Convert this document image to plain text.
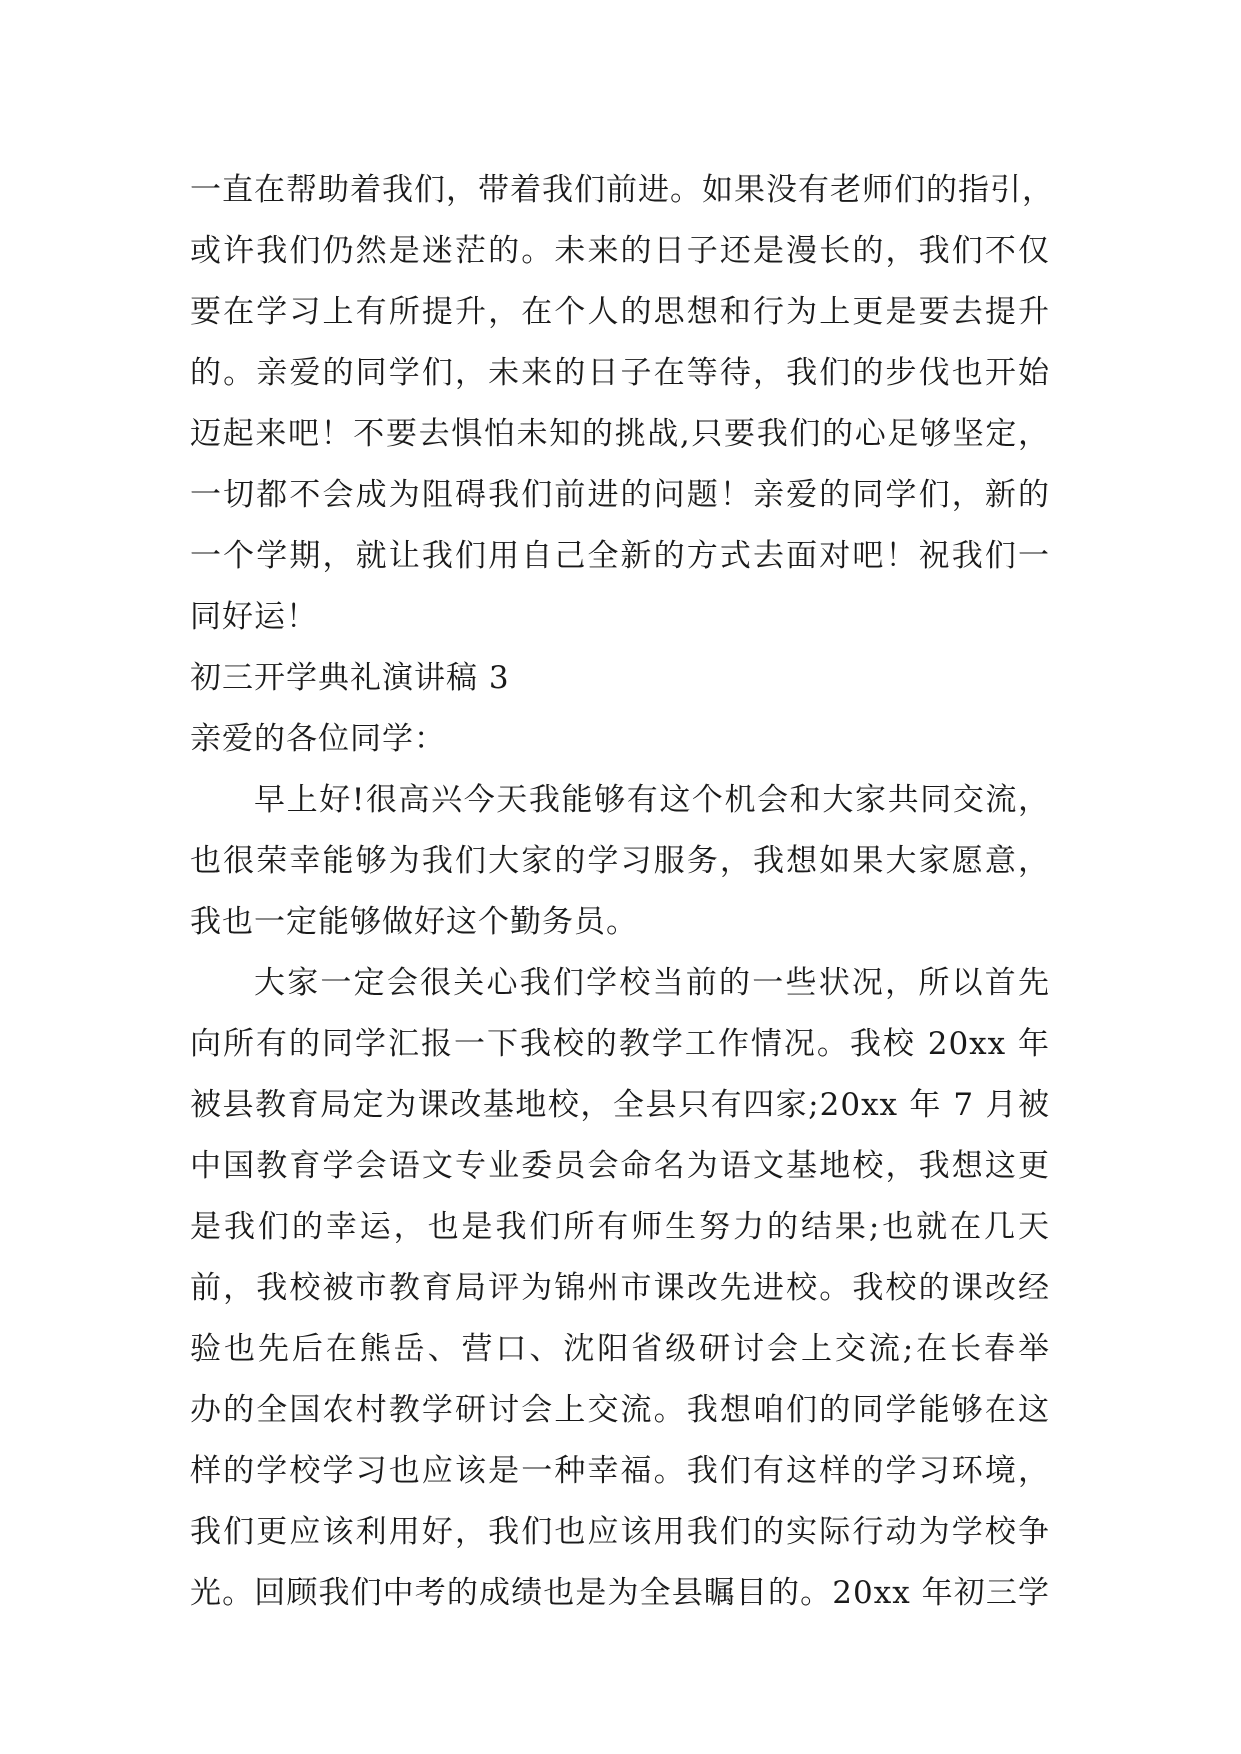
一直在帮助着我们，带着我们前进。如果没有老师们的指引，
或许我们仍然是迷茫的。未来的日子还是漫长的，我们不仅
要在学习上有所提升，在个人的思想和行为上更是要去提升
的。亲爱的同学们，未来的日子在等待，我们的步伐也开始
迈起来吧！不要去惧怕未知的挑战,只要我们的心足够坚定，
一切都不会成为阻碍我们前进的问题！亲爱的同学们，新的
一个学期，就让我们用自己全新的方式去面对吧！祝我们一
同好运！
初三开学典礼演讲稿 3
亲爱的各位同学：
早上好!很高兴今天我能够有这个机会和大家共同交流，
也很荣幸能够为我们大家的学习服务，我想如果大家愿意，
我也一定能够做好这个勤务员。
大家一定会很关心我们学校当前的一些状况，所以首先
向所有的同学汇报一下我校的教学工作情况。我校 20xx 年
被县教育局定为课改基地校，全县只有四家;20xx 年 7 月被
中国教育学会语文专业委员会命名为语文基地校，我想这更
是我们的幸运，也是我们所有师生努力的结果;也就在几天
前，我校被市教育局评为锦州市课改先进校。我校的课改经
验也先后在熊岳、营口、沈阳省级研讨会上交流;在长春举
办的全国农村教学研讨会上交流。我想咱们的同学能够在这
样的学校学习也应该是一种幸福。我们有这样的学习环境，
我们更应该利用好，我们也应该用我们的实际行动为学校争
光。回顾我们中考的成绩也是为全县瞩目的。20xx 年初三学
